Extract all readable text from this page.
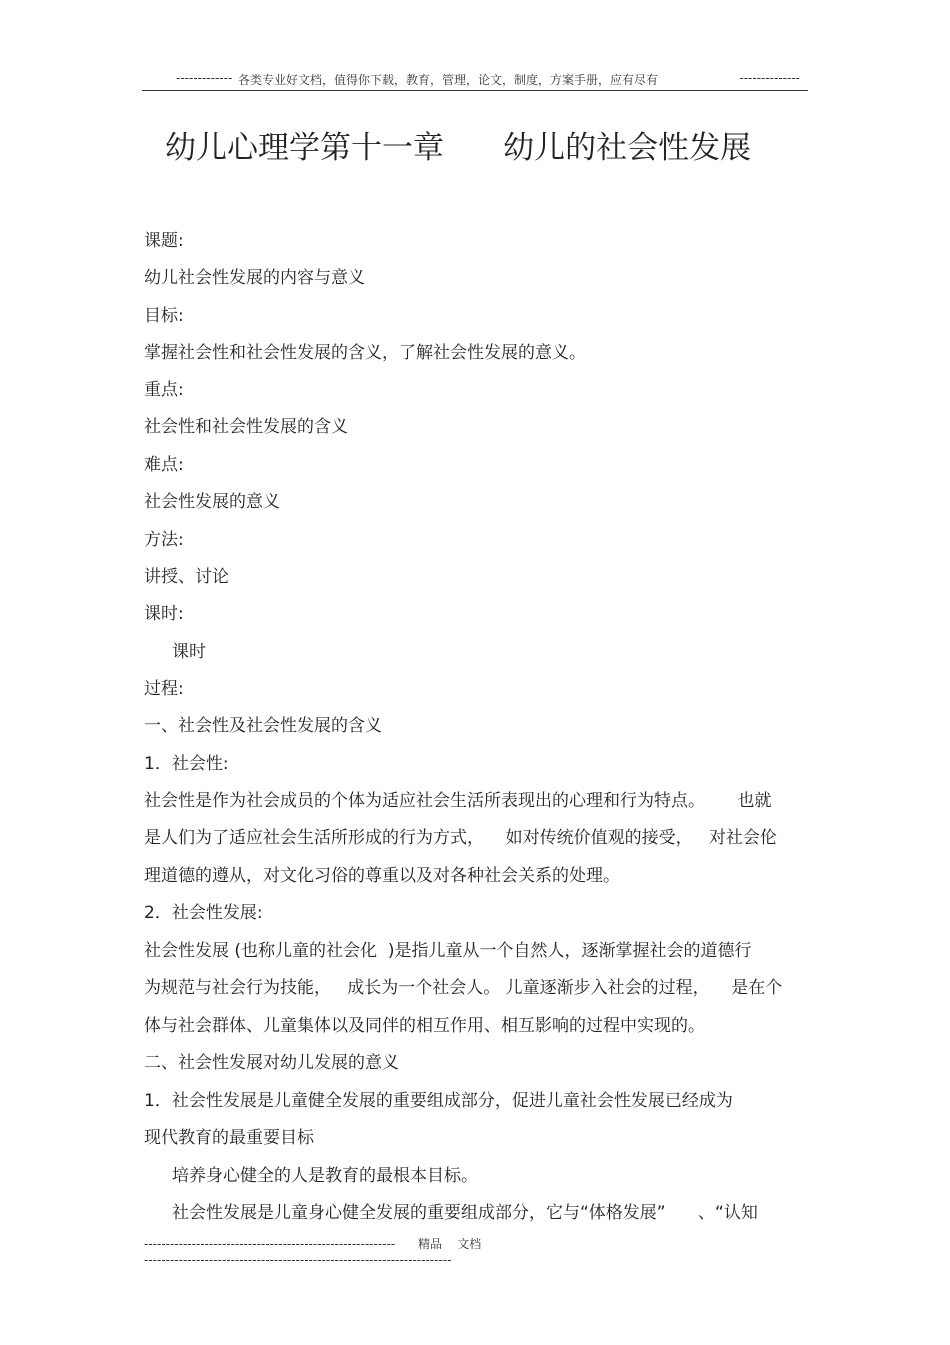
------------- 各类专业好文档，值得你下载，教育，管理，论文，制度，方案手册，应有尽有	--------------
幼儿心理学第十一章      幼儿的社会性发展
课题:
幼儿社会性发展的内容与意义
目标:
掌握社会性和社会性发展的含义，了解社会性发展的意义。
重点:
社会性和社会性发展的含义
难点:
社会性发展的意义
方法:
讲授、讨论
课时:
课时
过程:
一、社会性及社会性发展的含义
1．社会性:
社会性是作为社会成员的个体为适应社会生活所表现出的心理和行为特点。      也就
是人们为了适应社会生活所形成的行为方式，    如对传统价值观的接受，   对社会伦
理道德的遵从，对文化习俗的尊重以及对各种社会关系的处理。
2．社会性发展:
社会性发展 (也称儿童的社会化  )是指儿童从一个自然人，逐渐掌握社会的道德行
为规范与社会行为技能，   成长为一个社会人。 儿童逐渐步入社会的过程，    是在个
体与社会群体、儿童集体以及同伴的相互作用、相互影响的过程中实现的。
二、社会性发展对幼儿发展的意义
1．社会性发展是儿童健全发展的重要组成部分，促进儿童社会性发展已经成为
现代教育的最重要目标
培养身心健全的人是教育的最根本目标。
社会性发展是儿童身心健全发展的重要组成部分，它与“体格发展”      、“认知
---------------------------------------------------------- 精品    文档
-----------------------------------------------------------------------
